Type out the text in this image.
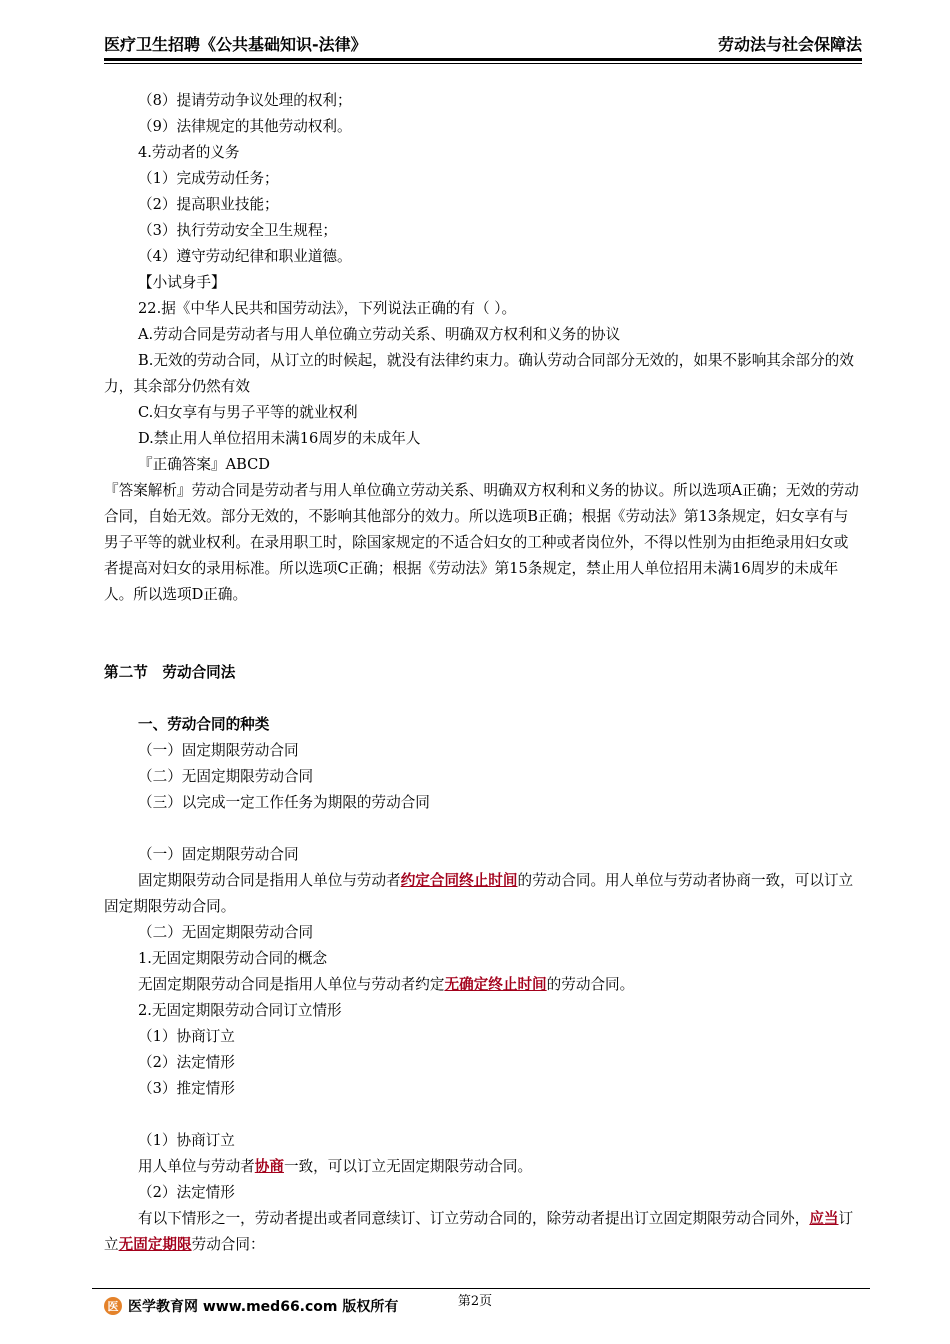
医疗卫生招聘《公共基础知识-法律》	劳动法与社会保障法
（8）提请劳动争议处理的权利；
（9）法律规定的其他劳动权利。
4.劳动者的义务
（1）完成劳动任务；
（2）提高职业技能；
（3）执行劳动安全卫生规程；
（4）遵守劳动纪律和职业道德。
【小试身手】
22.据《中华人民共和国劳动法》，下列说法正确的有（ ）。
A.劳动合同是劳动者与用人单位确立劳动关系、明确双方权利和义务的协议
B.无效的劳动合同，从订立的时候起，就没有法律约束力。确认劳动合同部分无效的，如果不影响其余部分的效力，其余部分仍然有效
C.妇女享有与男子平等的就业权利
D.禁止用人单位招用未满16周岁的未成年人
『正确答案』ABCD
『答案解析』劳动合同是劳动者与用人单位确立劳动关系、明确双方权利和义务的协议。所以选项A正确；无效的劳动合同，自始无效。部分无效的，不影响其他部分的效力。所以选项B正确；根据《劳动法》第13条规定，妇女享有与男子平等的就业权利。在录用职工时，除国家规定的不适合妇女的工种或者岗位外，不得以性别为由拒绝录用妇女或者提高对妇女的录用标准。所以选项C正确；根据《劳动法》第15条规定，禁止用人单位招用未满16周岁的未成年人。所以选项D正确。
第二节　劳动合同法
一、劳动合同的种类
（一）固定期限劳动合同
（二）无固定期限劳动合同
（三）以完成一定工作任务为期限的劳动合同
（一）固定期限劳动合同
固定期限劳动合同是指用人单位与劳动者约定合同终止时间的劳动合同。用人单位与劳动者协商一致，可以订立固定期限劳动合同。
（二）无固定期限劳动合同
1.无固定期限劳动合同的概念
无固定期限劳动合同是指用人单位与劳动者约定无确定终止时间的劳动合同。
2.无固定期限劳动合同订立情形
（1）协商订立
（2）法定情形
（3）推定情形
（1）协商订立
用人单位与劳动者协商一致，可以订立无固定期限劳动合同。
（2）法定情形
有以下情形之一，劳动者提出或者同意续订、订立劳动合同的，除劳动者提出订立固定期限劳动合同外，应当订立无固定期限劳动合同：
第2页
医 医学教育网 www.med66.com 版权所有
